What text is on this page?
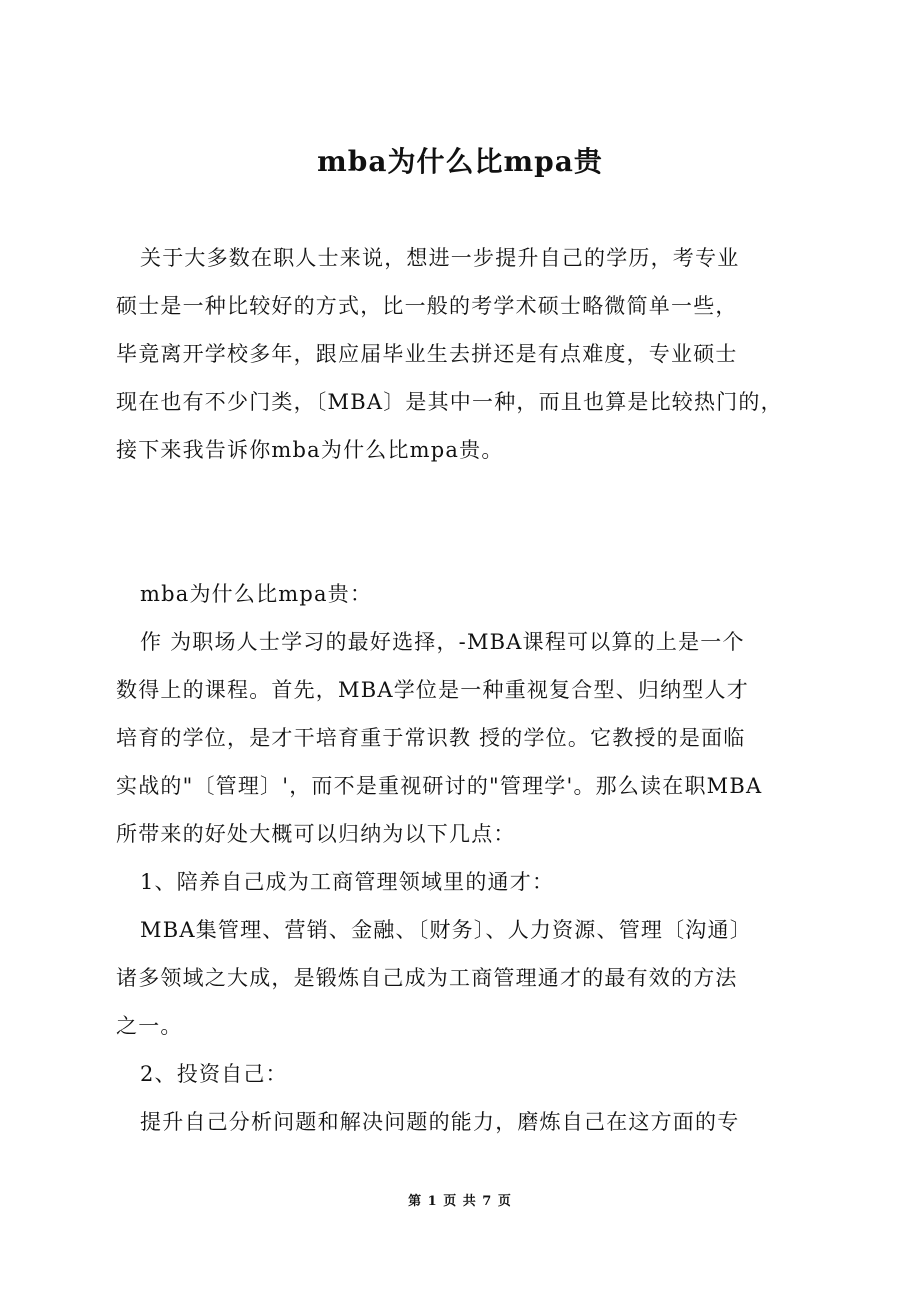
mba为什么比mpa贵
关于大多数在职人士来说，想进一步提升自己的学历，考专业
硕士是一种比较好的方式，比一般的考学术硕士略微简单一些，
毕竟离开学校多年，跟应届毕业生去拼还是有点难度，专业硕士
现在也有不少门类，〔MBA〕是其中一种，而且也算是比较热门的，
接下来我告诉你mba为什么比mpa贵。
mba为什么比mpa贵：
作 为职场人士学习的最好选择，-MBA课程可以算的上是一个
数得上的课程。首先，MBA学位是一种重视复合型、归纳型人才
培育的学位，是才干培育重于常识教 授的学位。它教授的是面临
实战的"〔管理〕'，而不是重视研讨的"管理学'。那么读在职MBA
所带来的好处大概可以归纳为以下几点：
1、陪养自己成为工商管理领域里的通才：
MBA集管理、营销、金融、〔财务〕、人力资源、管理〔沟通〕
诸多领域之大成，是锻炼自己成为工商管理通才的最有效的方法
之一。
2、投资自己：
提升自己分析问题和解决问题的能力，磨炼自己在这方面的专
第 1 页 共 7 页
